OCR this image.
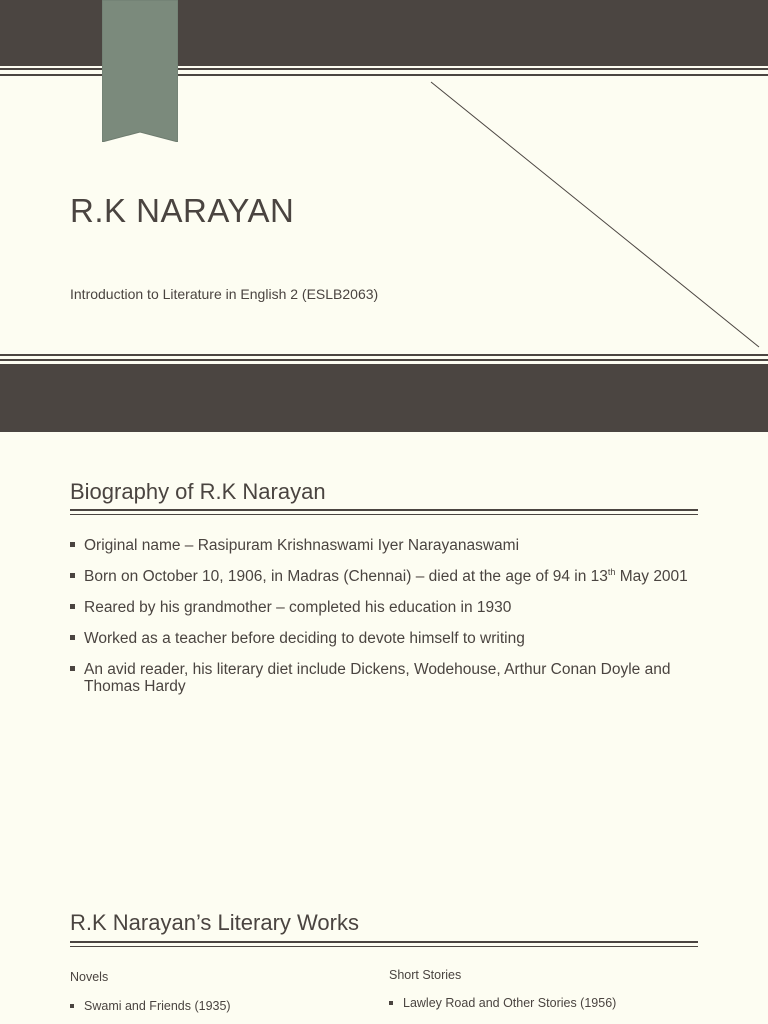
R.K NARAYAN
Introduction to Literature in English 2 (ESLB2063)
Biography of R.K Narayan
Original name – Rasipuram Krishnaswami Iyer Narayanaswami
Born on October 10, 1906, in Madras (Chennai) – died at the age of 94 in 13th May 2001
Reared by his grandmother – completed his education in 1930
Worked as a teacher before deciding to devote himself to writing
An avid reader, his literary diet include Dickens, Wodehouse, Arthur Conan Doyle and Thomas Hardy
R.K Narayan’s Literary Works
Novels
Swami and Friends (1935)
Short Stories
Lawley Road and Other Stories (1956)
